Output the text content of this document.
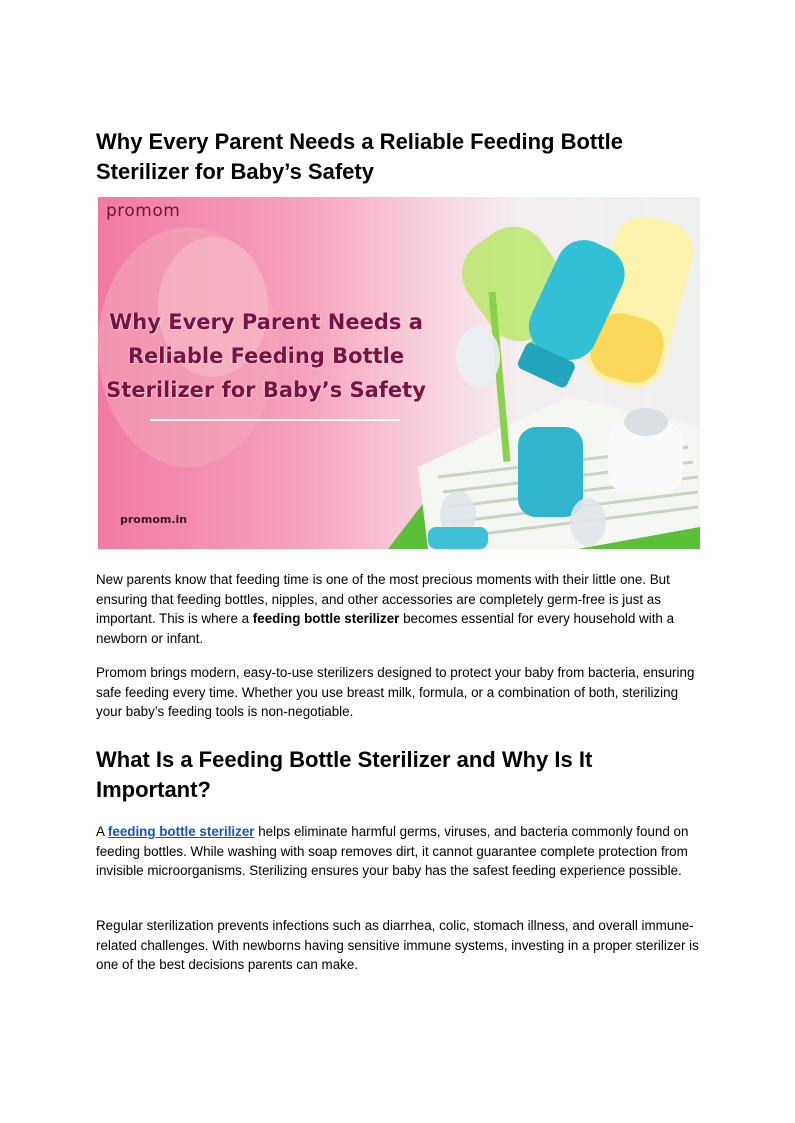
Why Every Parent Needs a Reliable Feeding Bottle Sterilizer for Baby’s Safety
promom
Why Every Parent Needs a Reliable Feeding Bottle Sterilizer for Baby’s Safety
promom.in

New parents know that feeding time is one of the most precious moments with their little one. But ensuring that feeding bottles, nipples, and other accessories are completely germ-free is just as important. This is where a feeding bottle sterilizer becomes essential for every household with a newborn or infant.

Promom brings modern, easy-to-use sterilizers designed to protect your baby from bacteria, ensuring safe feeding every time. Whether you use breast milk, formula, or a combination of both, sterilizing your baby’s feeding tools is non-negotiable.

What Is a Feeding Bottle Sterilizer and Why Is It Important?

A feeding bottle sterilizer helps eliminate harmful germs, viruses, and bacteria commonly found on feeding bottles. While washing with soap removes dirt, it cannot guarantee complete protection from invisible microorganisms. Sterilizing ensures your baby has the safest feeding experience possible.

Regular sterilization prevents infections such as diarrhea, colic, stomach illness, and overall immune-related challenges. With newborns having sensitive immune systems, investing in a proper sterilizer is one of the best decisions parents can make.
